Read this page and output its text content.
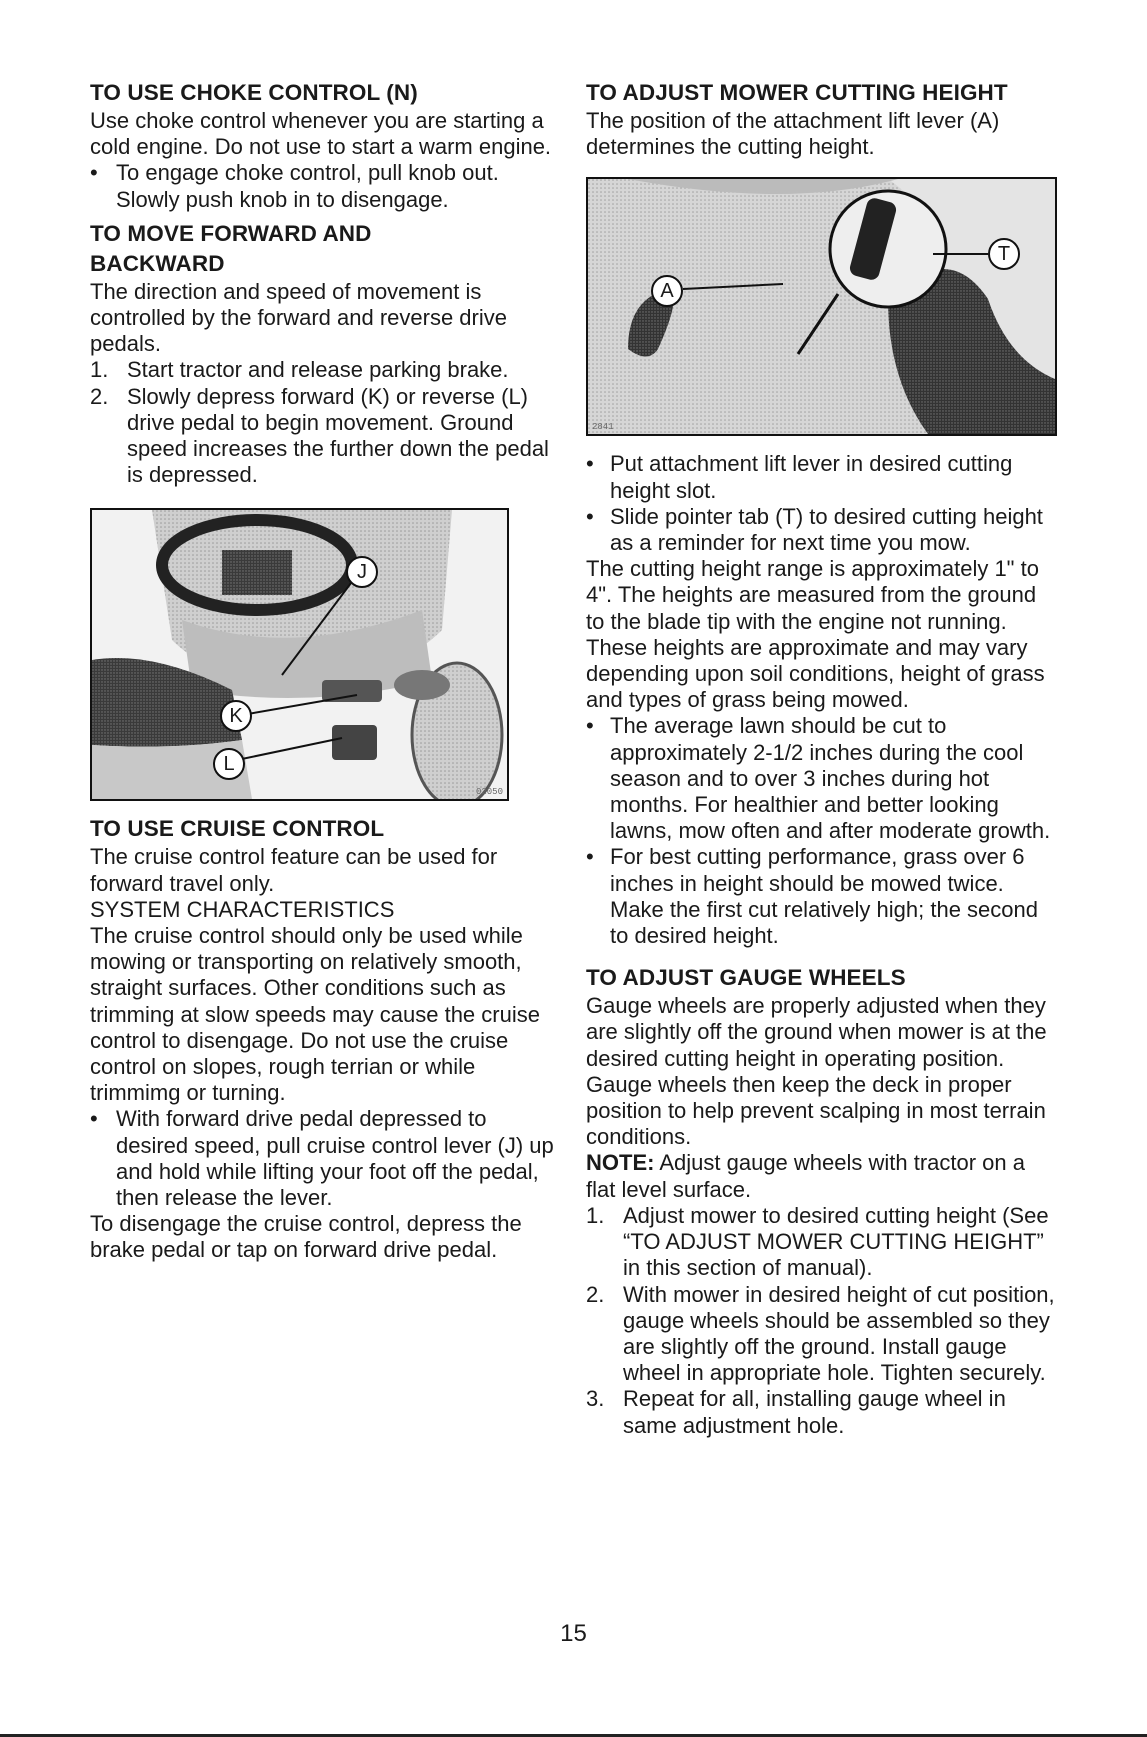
TO USE CHOKE CONTROL (N)

Use choke control whenever you are starting a cold engine. Do not use to start a warm engine.

• To engage choke control, pull knob out. Slowly push knob in to disengage.

TO MOVE FORWARD AND
BACKWARD

The direction and speed of movement is controlled by the forward and reverse drive pedals.

1. Start tractor and release parking brake.

2. Slowly depress forward (K) or reverse (L) drive pedal to begin movement. Ground speed increases the further down the pedal is depressed.

J
K
L
02050
TO USE CRUISE CONTROL

The cruise control feature can be used for forward travel only.

SYSTEM CHARACTERISTICS

The cruise control should only be used while mowing or transporting on relatively smooth, straight surfaces. Other conditions such as trimming at slow speeds may cause the cruise control to disengage. Do not use the cruise control on slopes, rough terrian or while trimmimg or turning.

• With forward drive pedal depressed to desired speed, pull cruise control lever (J) up and hold while lifting your foot off the pedal, then release the lever.

To disengage the cruise control, depress the brake pedal or tap on forward drive pedal.

TO ADJUST MOWER CUTTING HEIGHT

The position of the attachment lift lever (A) determines the cutting height.

A
T
2841

• Put attachment lift lever in desired cutting height slot.

• Slide pointer tab (T) to desired cutting height as a reminder for next time you mow.

The cutting height range is approximately 1" to 4". The heights are measured from the ground to the blade tip with the engine not running. These heights are approximate and may vary depending upon soil conditions, height of grass and types of grass being mowed.

• The average lawn should be cut to approximately 2-1/2 inches during the cool season and to over 3 inches during hot months. For healthier and better looking lawns, mow often and after moderate growth.

• For best cutting performance, grass over 6 inches in height should be mowed twice. Make the first cut relatively high; the second to desired height.

TO ADJUST GAUGE WHEELS

Gauge wheels are properly adjusted when they are slightly off the ground when mower is at the desired cutting height in operating position. Gauge wheels then keep the deck in proper position to help prevent scalping in most terrain conditions.

NOTE: Adjust gauge wheels with tractor on a flat level surface.

1. Adjust mower to desired cutting height (See “TO ADJUST MOWER CUTTING HEIGHT” in this section of manual).

2. With mower in desired height of cut position, gauge wheels should be assembled so they are slightly off the ground. Install gauge wheel in appropriate hole. Tighten securely.

3. Repeat for all, installing gauge wheel in same adjustment hole.

15
